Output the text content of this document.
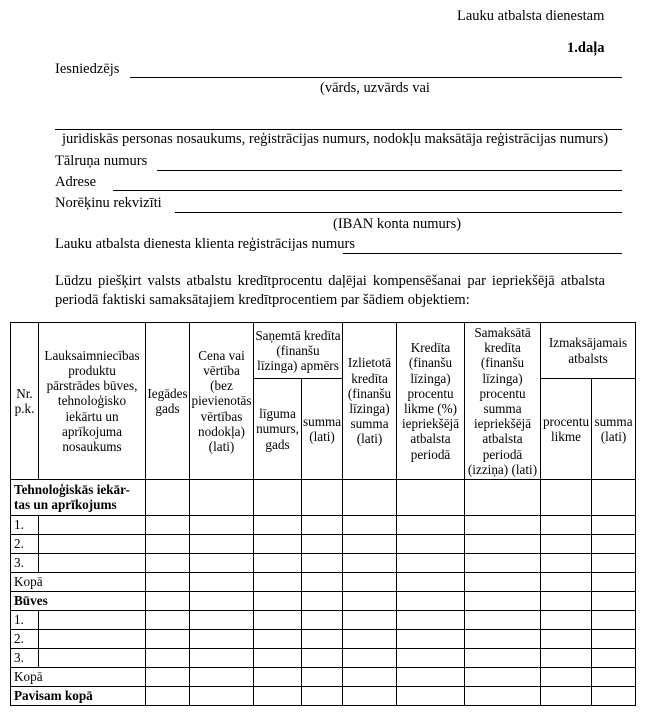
Lauku atbalsta dienestam
1.daļa
Iesniedzējs
(vārds, uzvārds vai
juridiskās personas nosaukums, reģistrācijas numurs, nodokļu maksātāja reģistrācijas numurs)
Tālruņa numurs
Adrese
Norēķinu rekvizīti
(IBAN konta numurs)
Lauku atbalsta dienesta klienta reģistrācijas numurs
Lūdzu piešķirt valsts atbalstu kredītprocentu daļējai kompensēšanai par iepriekšējā atbalsta periodā faktiski samaksātajiem kredītprocentiem par šādiem objektiem:
Nr. p.k.	Lauksaimniecības produktu pārstrādes būves, tehnoloģisko iekārtu un aprīkojuma nosaukums	Iegādes gads	Cena vai vērtība (bez pievienotās vērtības nodokļa) (lati)	Saņemtā kredīta (finanšu līzinga) apmērs		Izlietotā kredīta (finanšu līzinga) summa (lati)	Kredīta (finanšu līzinga) procentu likme (%) iepriekšējā atbalsta periodā	Samaksātā kredīta (finanšu līzinga) procentu summa iepriekšējā atbalsta periodā (izziņa) (lati)	Izmaksājamais atbalsts	

				līguma numurs, gads	summa (lati)				procentu likme	summa (lati)

Tehnoloģiskās iekār-tas un aprīkojums										
1.										
2.										
3.										
Kopā										
Būves										
1.										
2.										
3.										
Kopā										
Pavisam kopā										
